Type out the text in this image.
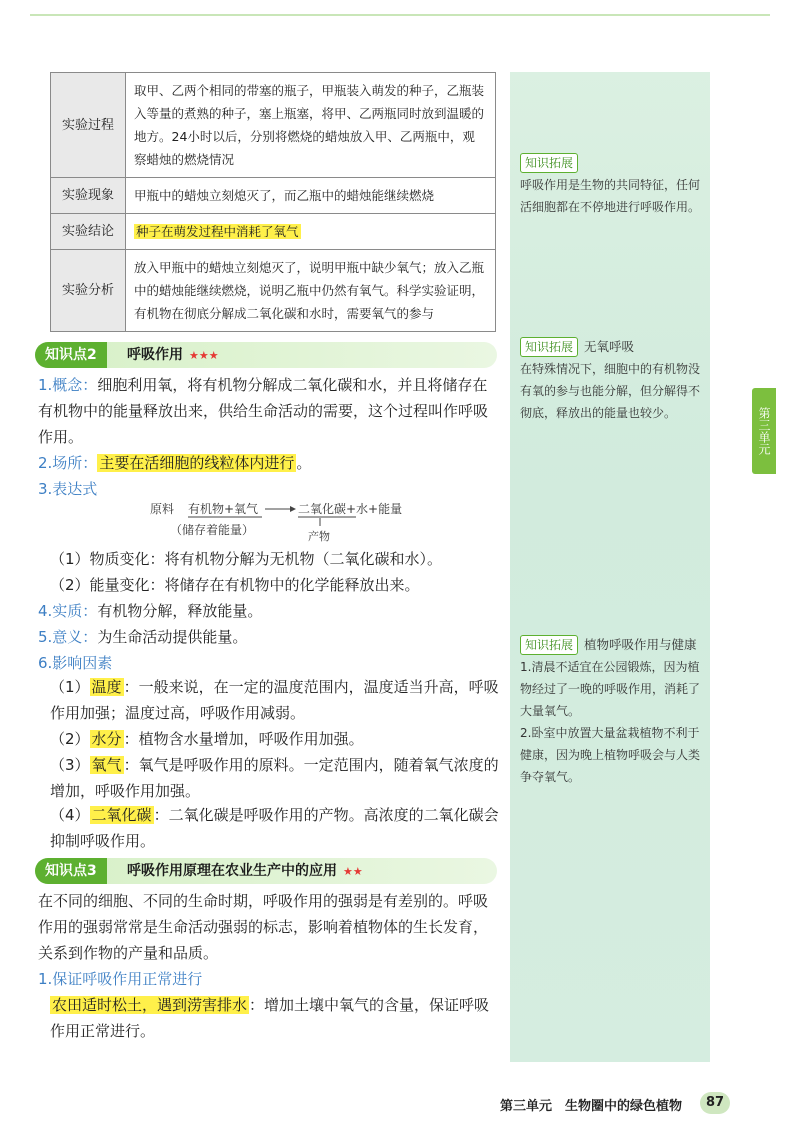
第三单元
实验过程	取甲、乙两个相同的带塞的瓶子，甲瓶装入萌发的种子，乙瓶装入等量的煮熟的种子，塞上瓶塞，将甲、乙两瓶同时放到温暖的地方。24小时以后，分别将燃烧的蜡烛放入甲、乙两瓶中，观察蜡烛的燃烧情况
实验现象	甲瓶中的蜡烛立刻熄灭了，而乙瓶中的蜡烛能继续燃烧
实验结论	种子在萌发过程中消耗了氧气
实验分析	放入甲瓶中的蜡烛立刻熄灭了，说明甲瓶中缺少氧气；放入乙瓶中的蜡烛能继续燃烧，说明乙瓶中仍然有氧气。科学实验证明，有机物在彻底分解成二氧化碳和水时，需要氧气的参与
知识点2	呼吸作用 ★★★
1.概念：细胞利用氧，将有机物分解成二氧化碳和水，并且将储存在有机物中的能量释放出来，供给生命活动的需要，这个过程叫作呼吸作用。
2.场所： 主要在活细胞的线粒体内进行 。
3.表达式
原料 有机物+氧气	二氧化碳+水+能量
（储存着能量）	产物
（1）物质变化：将有机物分解为无机物（二氧化碳和水）。
（2）能量变化：将储存在有机物中的化学能释放出来。
4.实质：有机物分解，释放能量。
5.意义：为生命活动提供能量。
6.影响因素
（1） 温度 ：一般来说，在一定的温度范围内，温度适当升高，呼吸作用加强；温度过高，呼吸作用减弱。
（2） 水分 ：植物含水量增加，呼吸作用加强。
（3） 氧气 ：氧气是呼吸作用的原料。一定范围内，随着氧气浓度的增加，呼吸作用加强。
（4） 二氧化碳 ：二氧化碳是呼吸作用的产物。高浓度的二氧化碳会抑制呼吸作用。
知识点3	呼吸作用原理在农业生产中的应用 ★★
在不同的细胞、不同的生命时期，呼吸作用的强弱是有差别的。呼吸作用的强弱常常是生命活动强弱的标志，影响着植物体的生长发育，关系到作物的产量和品质。
1.保证呼吸作用正常进行
农田适时松土，遇到涝害排水 ：增加土壤中氧气的含量，保证呼吸作用正常进行。
知识拓展
呼吸作用是生物的共同特征，任何活细胞都在不停地进行呼吸作用。
知识拓展 无氧呼吸
在特殊情况下，细胞中的有机物没有氧的参与也能分解，但分解得不彻底，释放出的能量也较少。
知识拓展 植物呼吸作用与健康
1.清晨不适宜在公园锻炼，因为植物经过了一晚的呼吸作用，消耗了大量氧气。
2.卧室中放置大量盆栽植物不利于健康，因为晚上植物呼吸会与人类争夺氧气。
第三单元　生物圈中的绿色植物	87
